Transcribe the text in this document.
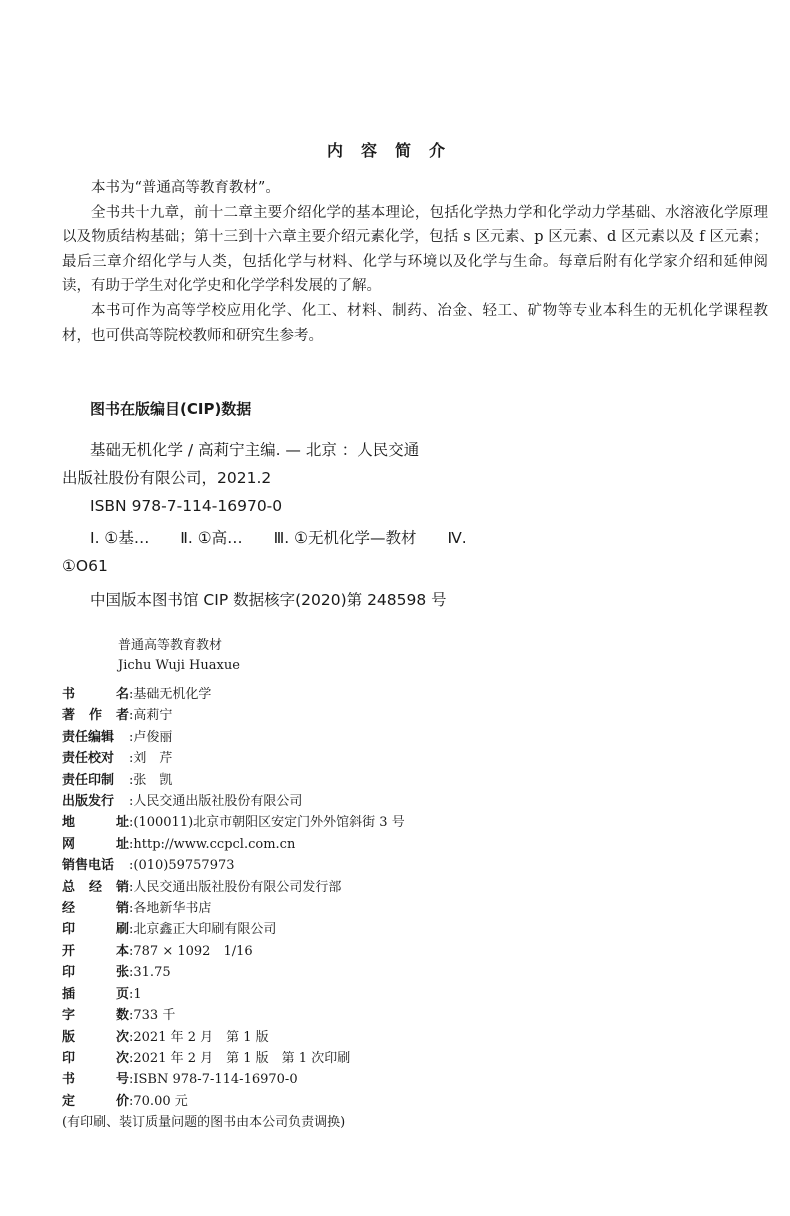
内容简介

本书为“普通高等教育教材”。

全书共十九章，前十二章主要介绍化学的基本理论，包括化学热力学和化学动力学基础、水溶液化学原理以及物质结构基础；第十三到十六章主要介绍元素化学，包括 s 区元素、p 区元素、d 区元素以及 f 区元素；最后三章介绍化学与人类，包括化学与材料、化学与环境以及化学与生命。每章后附有化学家介绍和延伸阅读，有助于学生对化学史和化学学科发展的了解。

本书可作为高等学校应用化学、化工、材料、制药、冶金、轻工、矿物等专业本科生的无机化学课程教材，也可供高等院校教师和研究生参考。

图书在版编目(CIP)数据
基础无机化学 / 高莉宁主编. — 北京 ：人民交通
出版社股份有限公司，2021.2
ISBN 978-7-114-16970-0
Ⅰ. ①基… Ⅱ. ①高… Ⅲ. ①无机化学—教材 Ⅳ.
①O61
中国版本图书馆 CIP 数据核字(2020)第 248598 号
普通高等教育教材
Jichu Wuji Huaxue
书	名 : 基础无机化学
著 作 者 : 高莉宁
责任编辑 : 卢俊丽
责任校对 : 刘　芹
责任印制 : 张　凯
出版发行 : 人民交通出版社股份有限公司
地	址 : (100011)北京市朝阳区安定门外外馆斜街 3 号
网	址 : http://www.ccpcl.com.cn
销售电话 : (010)59757973
总 经 销 : 人民交通出版社股份有限公司发行部
经	销 : 各地新华书店
印	刷 : 北京鑫正大印刷有限公司
开	本 : 787 × 1092　1/16
印	张 : 31.75
插	页 : 1
字	数 : 733 千
版	次 : 2021 年 2 月　第 1 版
印	次 : 2021 年 2 月　第 1 版　第 1 次印刷
书	号 : ISBN 978-7-114-16970-0
定	价 : 70.00 元
(有印刷、装订质量问题的图书由本公司负责调换)
